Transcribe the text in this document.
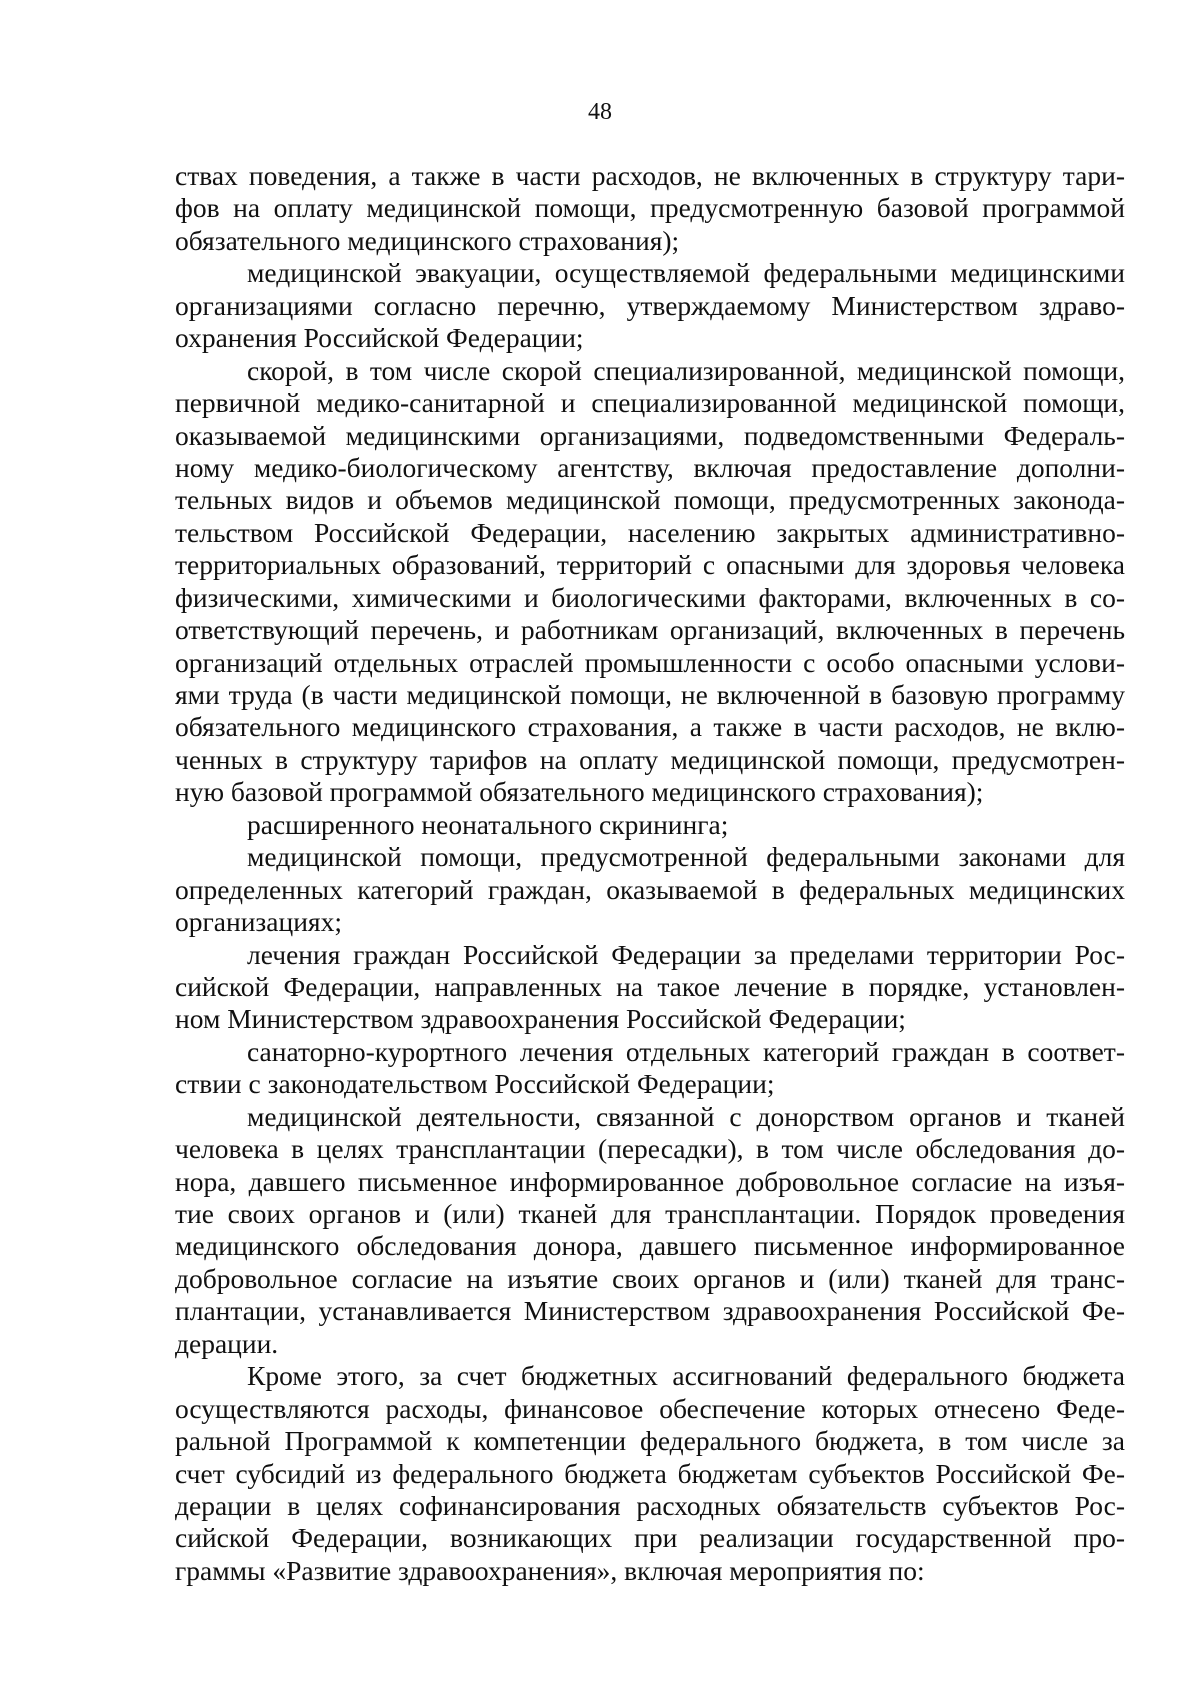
48
ствах поведения, а также в части расходов, не включенных в структуру тари-
фов на оплату медицинской помощи, предусмотренную базовой программой
обязательного медицинского страхования);
медицинской эвакуации, осуществляемой федеральными медицинскими
организациями согласно перечню, утверждаемому Министерством здраво-
охранения Российской Федерации;
скорой, в том числе скорой специализированной, медицинской помощи,
первичной медико-санитарной и специализированной медицинской помощи,
оказываемой медицинскими организациями, подведомственными Федераль-
ному медико-биологическому агентству, включая предоставление дополни-
тельных видов и объемов медицинской помощи, предусмотренных законода-
тельством Российской Федерации, населению закрытых административно-
территориальных образований, территорий с опасными для здоровья человека
физическими, химическими и биологическими факторами, включенных в со-
ответствующий перечень, и работникам организаций, включенных в перечень
организаций отдельных отраслей промышленности с особо опасными услови-
ями труда (в части медицинской помощи, не включенной в базовую программу
обязательного медицинского страхования, а также в части расходов, не вклю-
ченных в структуру тарифов на оплату медицинской помощи, предусмотрен-
ную базовой программой обязательного медицинского страхования);
расширенного неонатального скрининга;
медицинской помощи, предусмотренной федеральными законами для
определенных категорий граждан, оказываемой в федеральных медицинских
организациях;
лечения граждан Российской Федерации за пределами территории Рос-
сийской Федерации, направленных на такое лечение в порядке, установлен-
ном Министерством здравоохранения Российской Федерации;
санаторно-курортного лечения отдельных категорий граждан в соответ-
ствии с законодательством Российской Федерации;
медицинской деятельности, связанной с донорством органов и тканей
человека в целях трансплантации (пересадки), в том числе обследования до-
нора, давшего письменное информированное добровольное согласие на изъя-
тие своих органов и (или) тканей для трансплантации. Порядок проведения
медицинского обследования донора, давшего письменное информированное
добровольное согласие на изъятие своих органов и (или) тканей для транс-
плантации, устанавливается Министерством здравоохранения Российской Фе-
дерации.
Кроме этого, за счет бюджетных ассигнований федерального бюджета
осуществляются расходы, финансовое обеспечение которых отнесено Феде-
ральной Программой к компетенции федерального бюджета, в том числе за
счет субсидий из федерального бюджета бюджетам субъектов Российской Фе-
дерации в целях софинансирования расходных обязательств субъектов Рос-
сийской Федерации, возникающих при реализации государственной про-
граммы «Развитие здравоохранения», включая мероприятия по:
